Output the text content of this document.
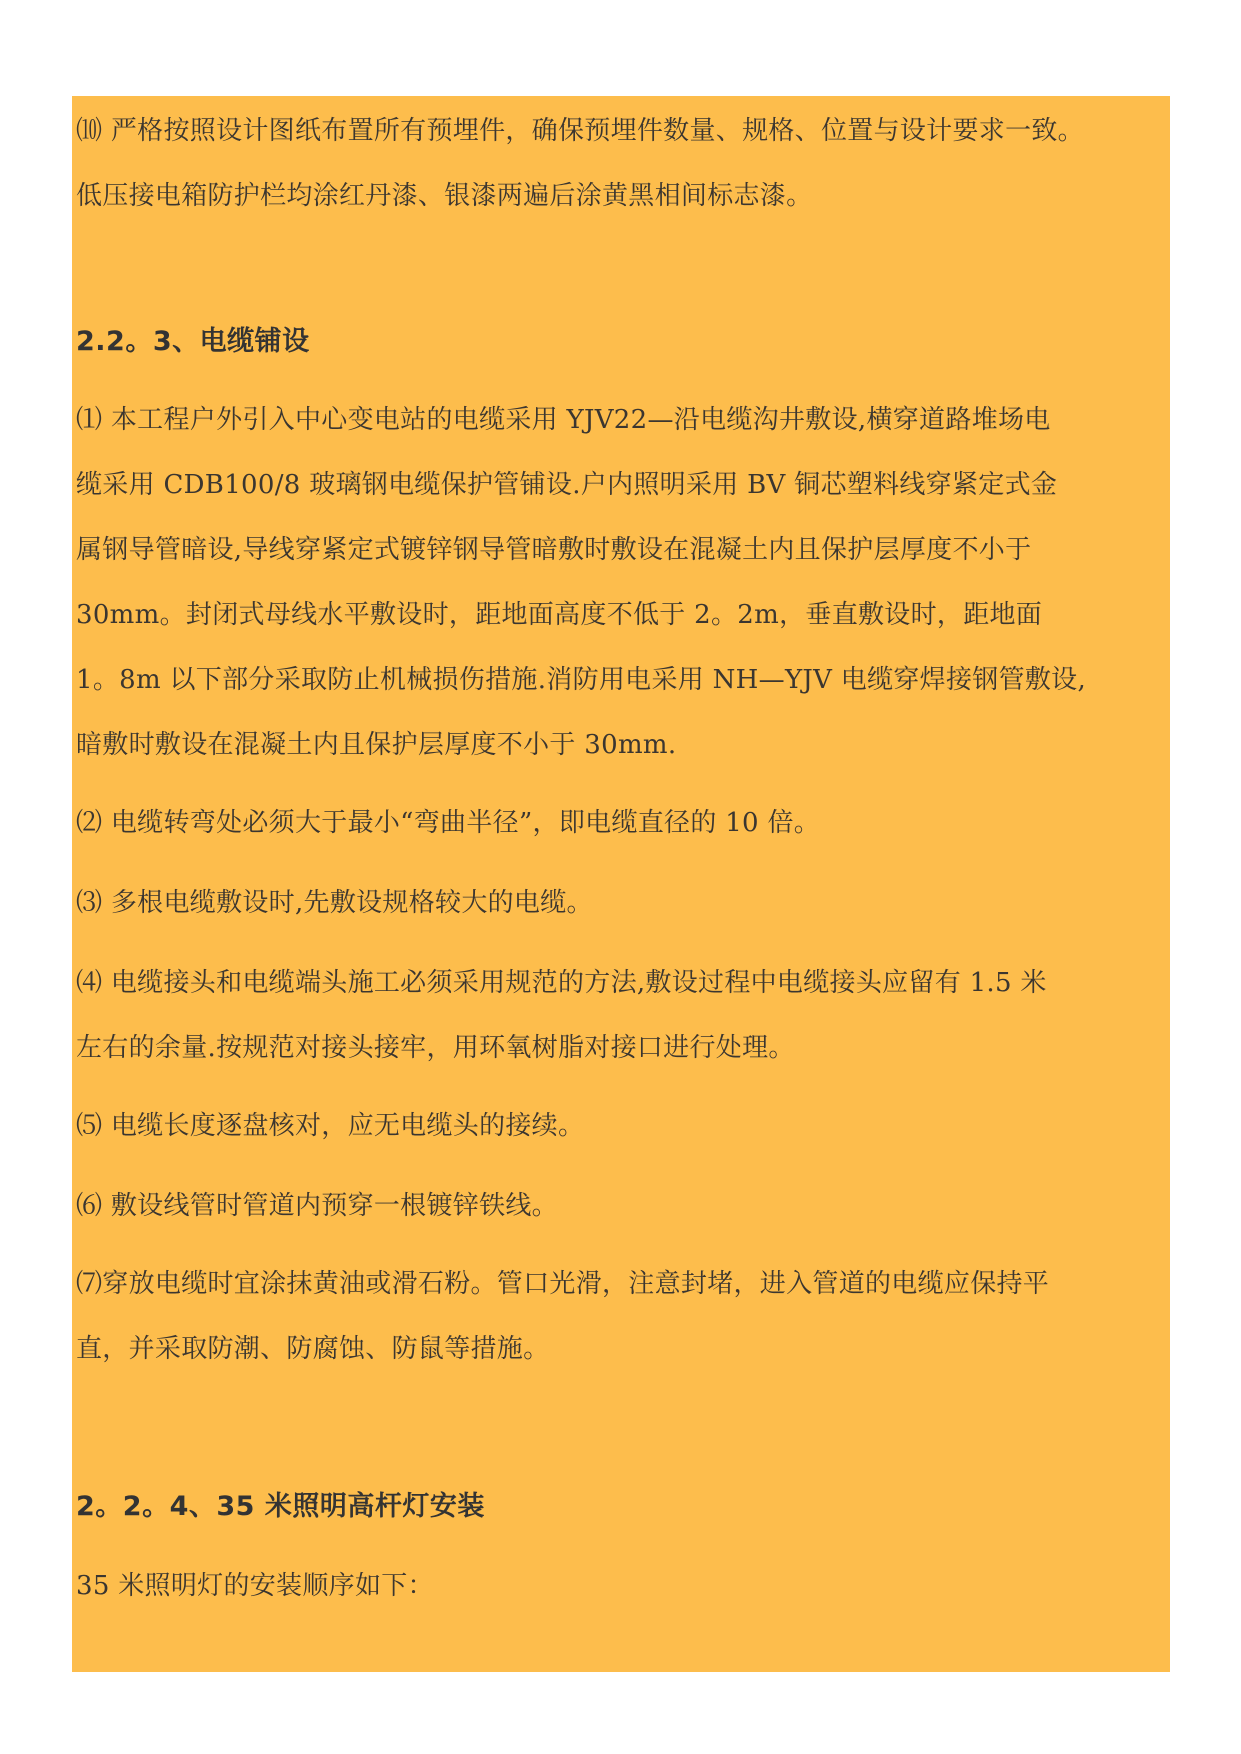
⑽ 严格按照设计图纸布置所有预埋件，确保预埋件数量、规格、位置与设计要求一致。
低压接电箱防护栏均涂红丹漆、银漆两遍后涂黄黑相间标志漆。
2.2。3、电缆铺设
⑴ 本工程户外引入中心变电站的电缆采用 YJV22—沿电缆沟井敷设,横穿道路堆场电
缆采用 CDB100/8 玻璃钢电缆保护管铺设.户内照明采用 BV 铜芯塑料线穿紧定式金
属钢导管暗设,导线穿紧定式镀锌钢导管暗敷时敷设在混凝土内且保护层厚度不小于
30mm。封闭式母线水平敷设时，距地面高度不低于 2。2m，垂直敷设时，距地面
1。8m 以下部分采取防止机械损伤措施.消防用电采用 NH—YJV 电缆穿焊接钢管敷设,
暗敷时敷设在混凝土内且保护层厚度不小于 30mm.
⑵ 电缆转弯处必须大于最小“弯曲半径”，即电缆直径的 10 倍。
⑶ 多根电缆敷设时,先敷设规格较大的电缆。
⑷ 电缆接头和电缆端头施工必须采用规范的方法,敷设过程中电缆接头应留有 1.5 米
左右的余量.按规范对接头接牢，用环氧树脂对接口进行处理。
⑸ 电缆长度逐盘核对，应无电缆头的接续。
⑹ 敷设线管时管道内预穿一根镀锌铁线。
⑺穿放电缆时宜涂抹黄油或滑石粉。管口光滑，注意封堵，进入管道的电缆应保持平
直，并采取防潮、防腐蚀、防鼠等措施。
2。2。4、35 米照明高杆灯安装
35 米照明灯的安装顺序如下：
